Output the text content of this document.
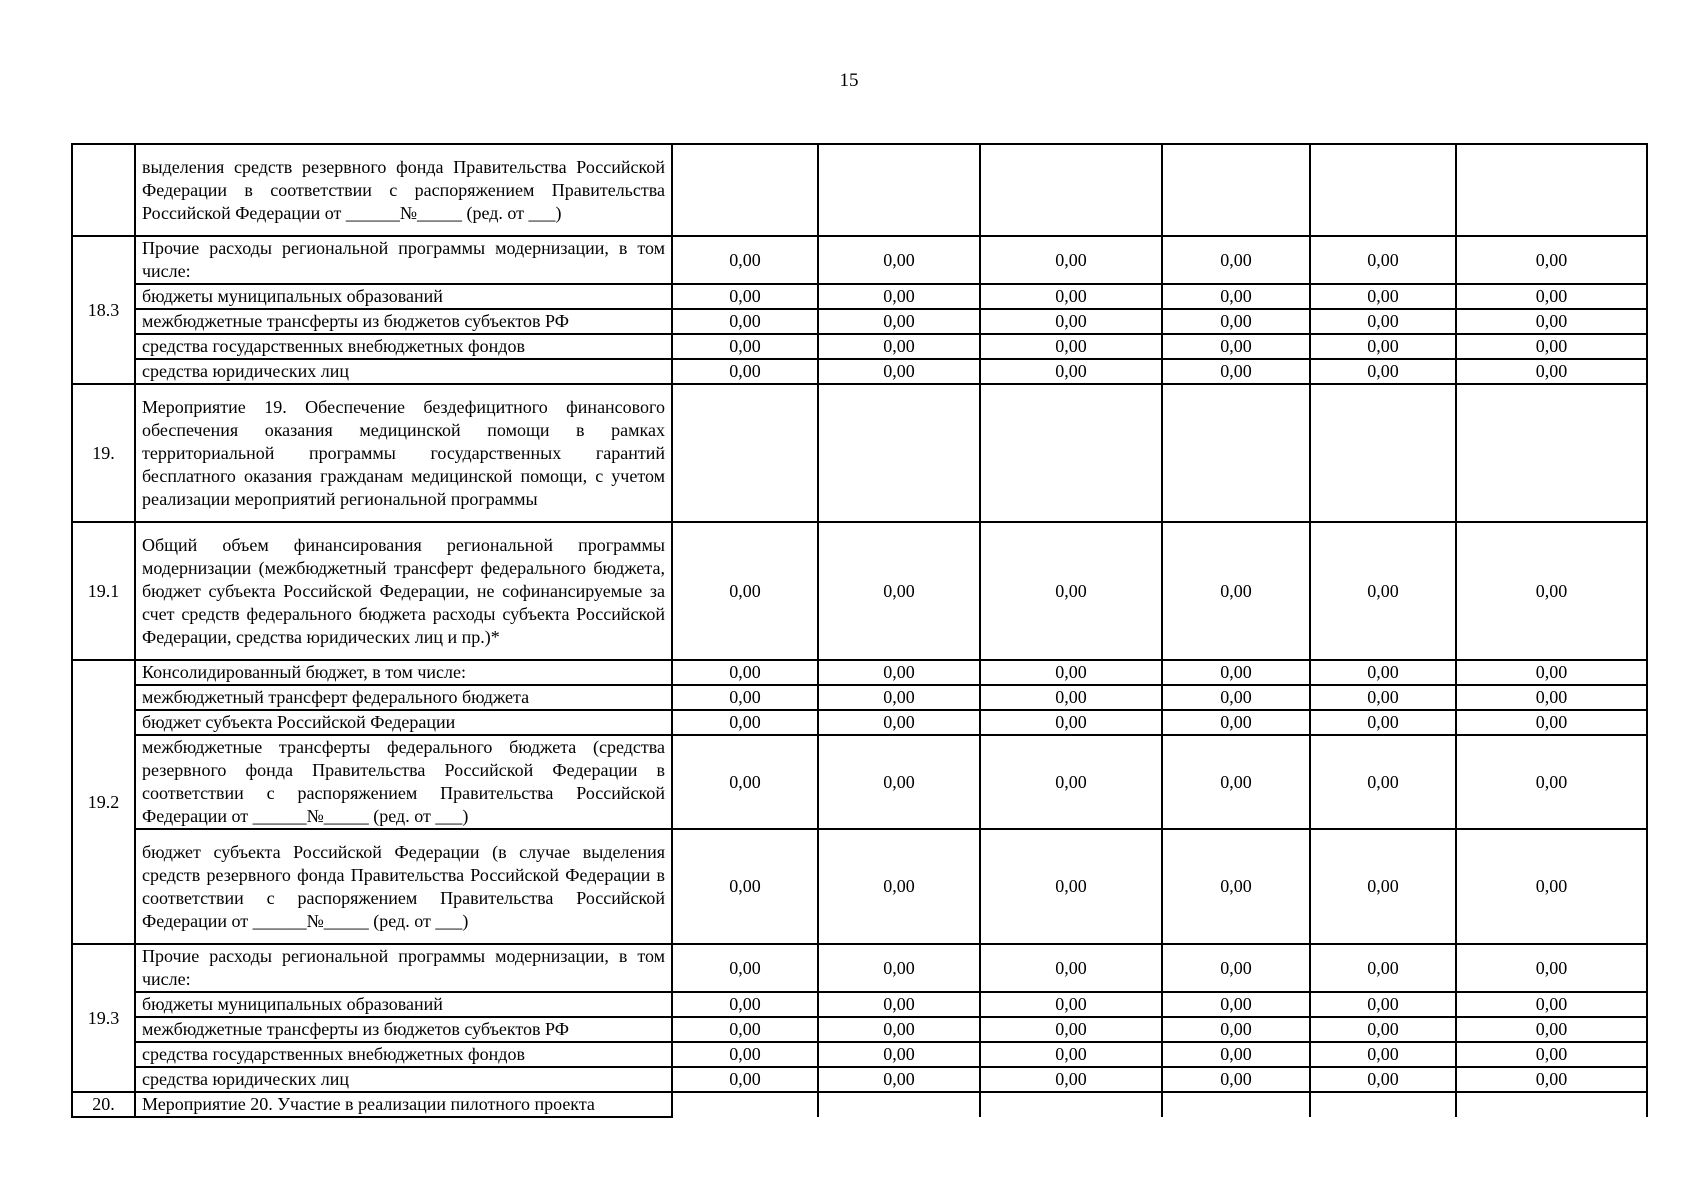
15
	выделения средств резервного фонда Правительства Российской Федерации в соответствии с распоряжением Правительства Российской Федерации от ______№_____ (ред. от ___)						
18.3	Прочие расходы региональной программы модернизации, в том числе:	0,00	0,00	0,00	0,00	0,00	0,00
	бюджеты муниципальных образований	0,00	0,00	0,00	0,00	0,00	0,00
	межбюджетные трансферты из бюджетов субъектов РФ	0,00	0,00	0,00	0,00	0,00	0,00
	средства государственных внебюджетных фондов	0,00	0,00	0,00	0,00	0,00	0,00
	средства юридических лиц	0,00	0,00	0,00	0,00	0,00	0,00
19.	Мероприятие 19. Обеспечение бездефицитного финансового обеспечения оказания медицинской помощи в рамках территориальной программы государственных гарантий бесплатного оказания гражданам медицинской помощи, с учетом реализации мероприятий региональной программы						
19.1	Общий объем финансирования региональной программы модернизации (межбюджетный трансферт федерального бюджета, бюджет субъекта Российской Федерации, не софинансируемые за счет средств федерального бюджета расходы субъекта Российской Федерации, средства юридических лиц и пр.)*	0,00	0,00	0,00	0,00	0,00	0,00
19.2	Консолидированный бюджет, в том числе:	0,00	0,00	0,00	0,00	0,00	0,00
	межбюджетный трансферт федерального бюджета	0,00	0,00	0,00	0,00	0,00	0,00
	бюджет субъекта Российской Федерации	0,00	0,00	0,00	0,00	0,00	0,00
	межбюджетные трансферты федерального бюджета (средства резервного фонда Правительства Российской Федерации в соответствии с распоряжением Правительства Российской Федерации от ______№_____ (ред. от ___)	0,00	0,00	0,00	0,00	0,00	0,00
	бюджет субъекта Российской Федерации (в случае выделения средств резервного фонда Правительства Российской Федерации в соответствии с распоряжением Правительства Российской Федерации от ______№_____ (ред. от ___)	0,00	0,00	0,00	0,00	0,00	0,00
19.3	Прочие расходы региональной программы модернизации, в том числе:	0,00	0,00	0,00	0,00	0,00	0,00
	бюджеты муниципальных образований	0,00	0,00	0,00	0,00	0,00	0,00
	межбюджетные трансферты из бюджетов субъектов РФ	0,00	0,00	0,00	0,00	0,00	0,00
	средства государственных внебюджетных фондов	0,00	0,00	0,00	0,00	0,00	0,00
	средства юридических лиц	0,00	0,00	0,00	0,00	0,00	0,00
20.	Мероприятие 20. Участие в реализации пилотного проекта						
